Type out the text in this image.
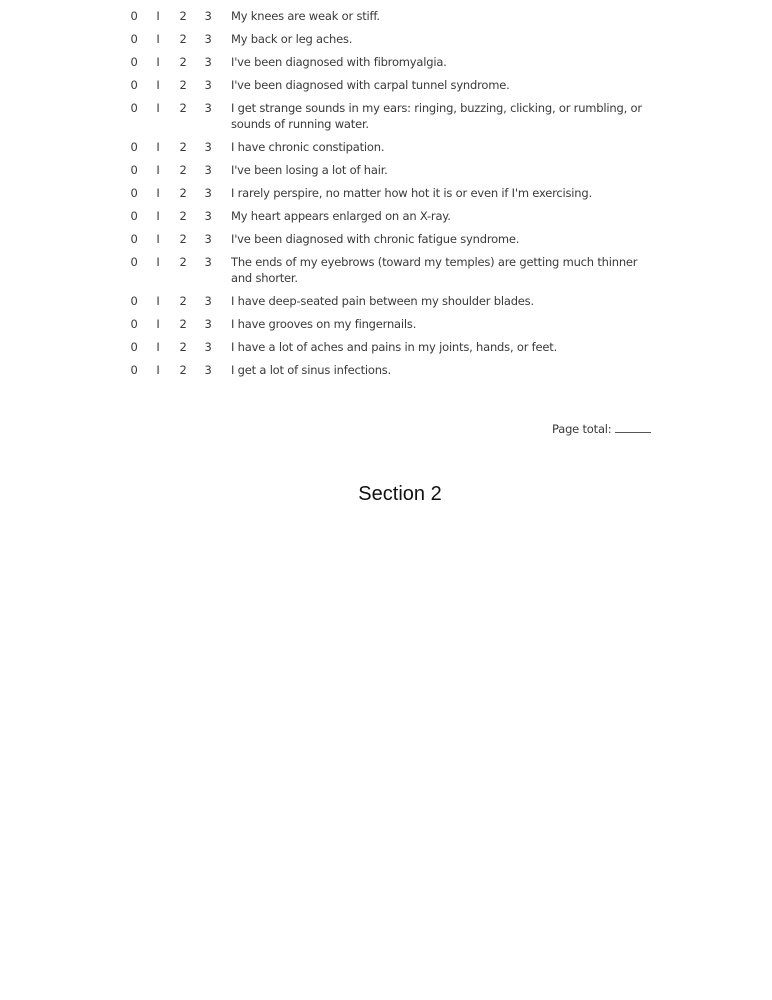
0	I	2 3 My knees are weak or stiff.
0	I	2 3 My back or leg aches.
0	I	2 3 I've been diagnosed with fibromyalgia.
0	I	2 3 I've been diagnosed with carpal tunnel syndrome.
0	I	2 3 I get strange sounds in my ears: ringing, buzzing, clicking, or rumbling, or sounds of running water.
0	I	2 3 I have chronic constipation.
0	I	2 3 I've been losing a lot of hair.
0	I	2 3 I rarely perspire, no matter how hot it is or even if I'm exercising.
0	I	2 3 My heart appears enlarged on an X-ray.
0	I	2 3 I've been diagnosed with chronic fatigue syndrome.
0	I	2 3 The ends of my eyebrows (toward my temples) are getting much thinner and shorter.
0	I	2 3 I have deep-seated pain between my shoulder blades.
0	I	2 3 I have grooves on my fingernails.
0	I	2 3 I have a lot of aches and pains in my joints, hands, or feet.
0	I	2 3 I get a lot of sinus infections.
Page total:
Section 2
